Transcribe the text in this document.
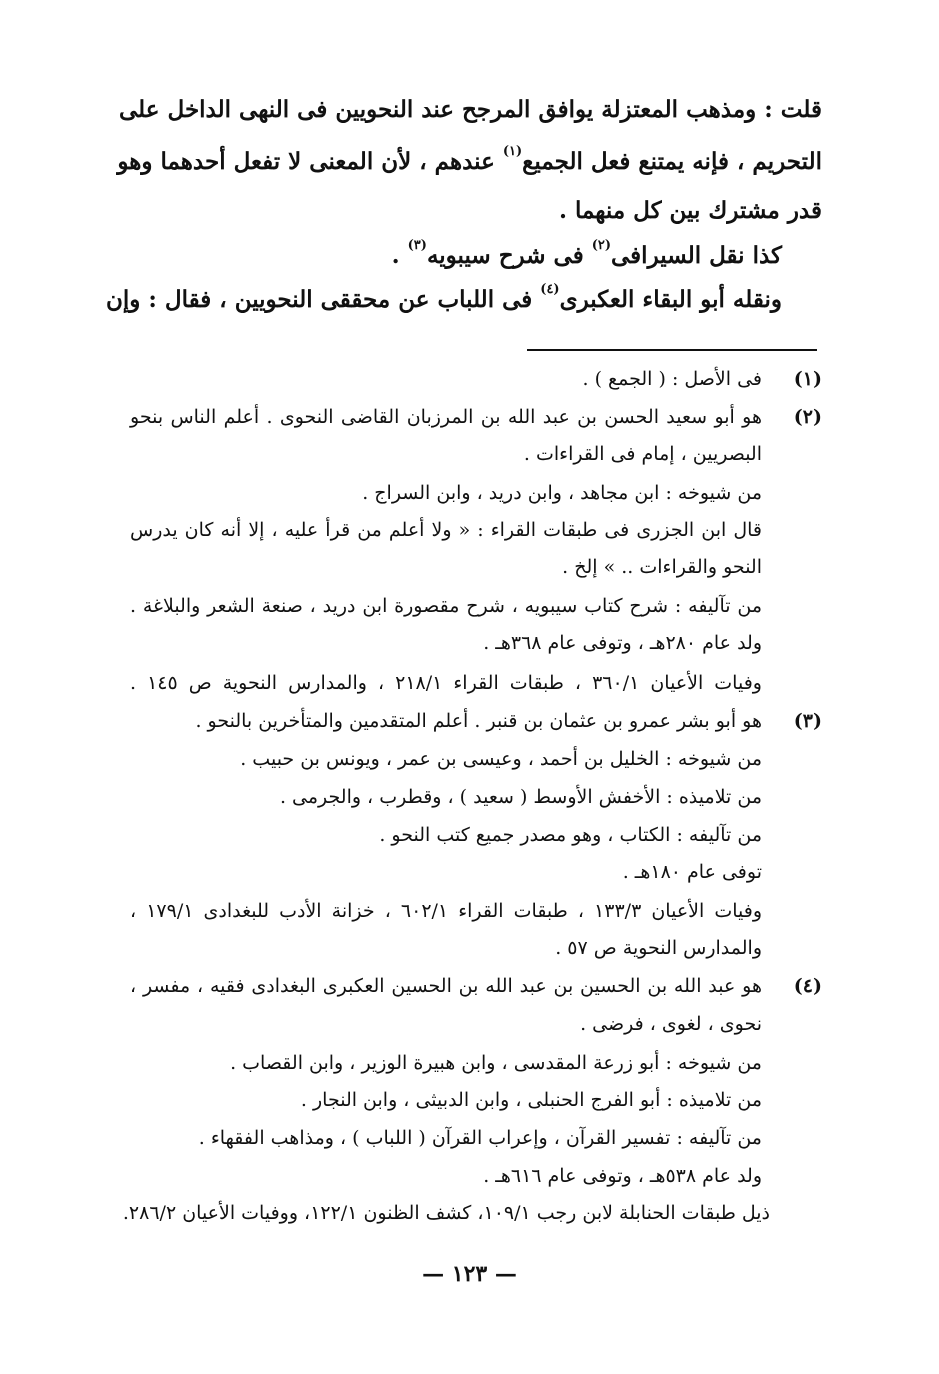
قلت : ومذهب المعتزلة يوافق المرجح عند النحويين فى النهى الداخل على
التحريم ، فإنه يمتنع فعل الجميع$^{(١)}$ عندهم ، لأن المعنى لا تفعل أحدهما وهو
قدر مشترك بين كل منهما .
كذا نقل السيرافى$^{(٢)}$ فى شرح سيبويه$^{(٣)}$ .
ونقله أبو البقاء العكبرى$^{(٤)}$ فى اللباب عن محققى النحويين ، فقال : وإن
(١)
فى الأصل : ( الجمع ) .
(٢)
هو أبو سعيد الحسن بن عبد الله بن المرزبان القاضى النحوى . أعلم الناس بنحو
البصريين ، إمام فى القراءات .
من شيوخه : ابن مجاهد ، وابن دريد ، وابن السراج .
قال ابن الجزرى فى طبقات القراء : « ولا أعلم من قرأ عليه ، إلا أنه كان يدرس
النحو والقراءات .. » إلخ .
من تآليفه : شرح كتاب سيبويه ، شرح مقصورة ابن دريد ، صنعة الشعر والبلاغة .
ولد عام ٢٨٠هـ ، وتوفى عام ٣٦٨هـ .
وفيات الأعيان ٣٦٠/١ ، طبقات القراء ٢١٨/١ ، والمدارس النحوية ص ١٤٥ .
(٣)
هو أبو بشر عمرو بن عثمان بن قنبر . أعلم المتقدمين والمتأخرين بالنحو .
من شيوخه : الخليل بن أحمد ، وعيسى بن عمر ، ويونس بن حبيب .
من تلاميذه : الأخفش الأوسط ( سعيد ) ، وقطرب ، والجرمى .
من تآليفه : الكتاب ، وهو مصدر جميع كتب النحو .
توفى عام ١٨٠هـ .
وفيات الأعيان ١٣٣/٣ ، طبقات القراء ٦٠٢/١ ، خزانة الأدب للبغدادى ١٧٩/١ ،
والمدارس النحوية ص ٥٧ .
(٤)
هو عبد الله بن الحسين بن عبد الله بن الحسين العكبرى البغدادى فقيه ، مفسر ،
نحوى ، لغوى ، فرضى .
من شيوخه : أبو زرعة المقدسى ، وابن هبيرة الوزير ، وابن القصاب .
من تلاميذه : أبو الفرج الحنبلى ، وابن الدبيثى ، وابن النجار .
من تآليفه : تفسير القرآن ، وإعراب القرآن ( اللباب ) ، ومذاهب الفقهاء .
ولد عام ٥٣٨هـ ، وتوفى عام ٦١٦هـ .
ذيل طبقات الحنابلة لابن رجب ١٠٩/١، كشف الظنون ١٢٢/١، ووفيات الأعيان ٢٨٦/٢.
— ١٢٣ —
